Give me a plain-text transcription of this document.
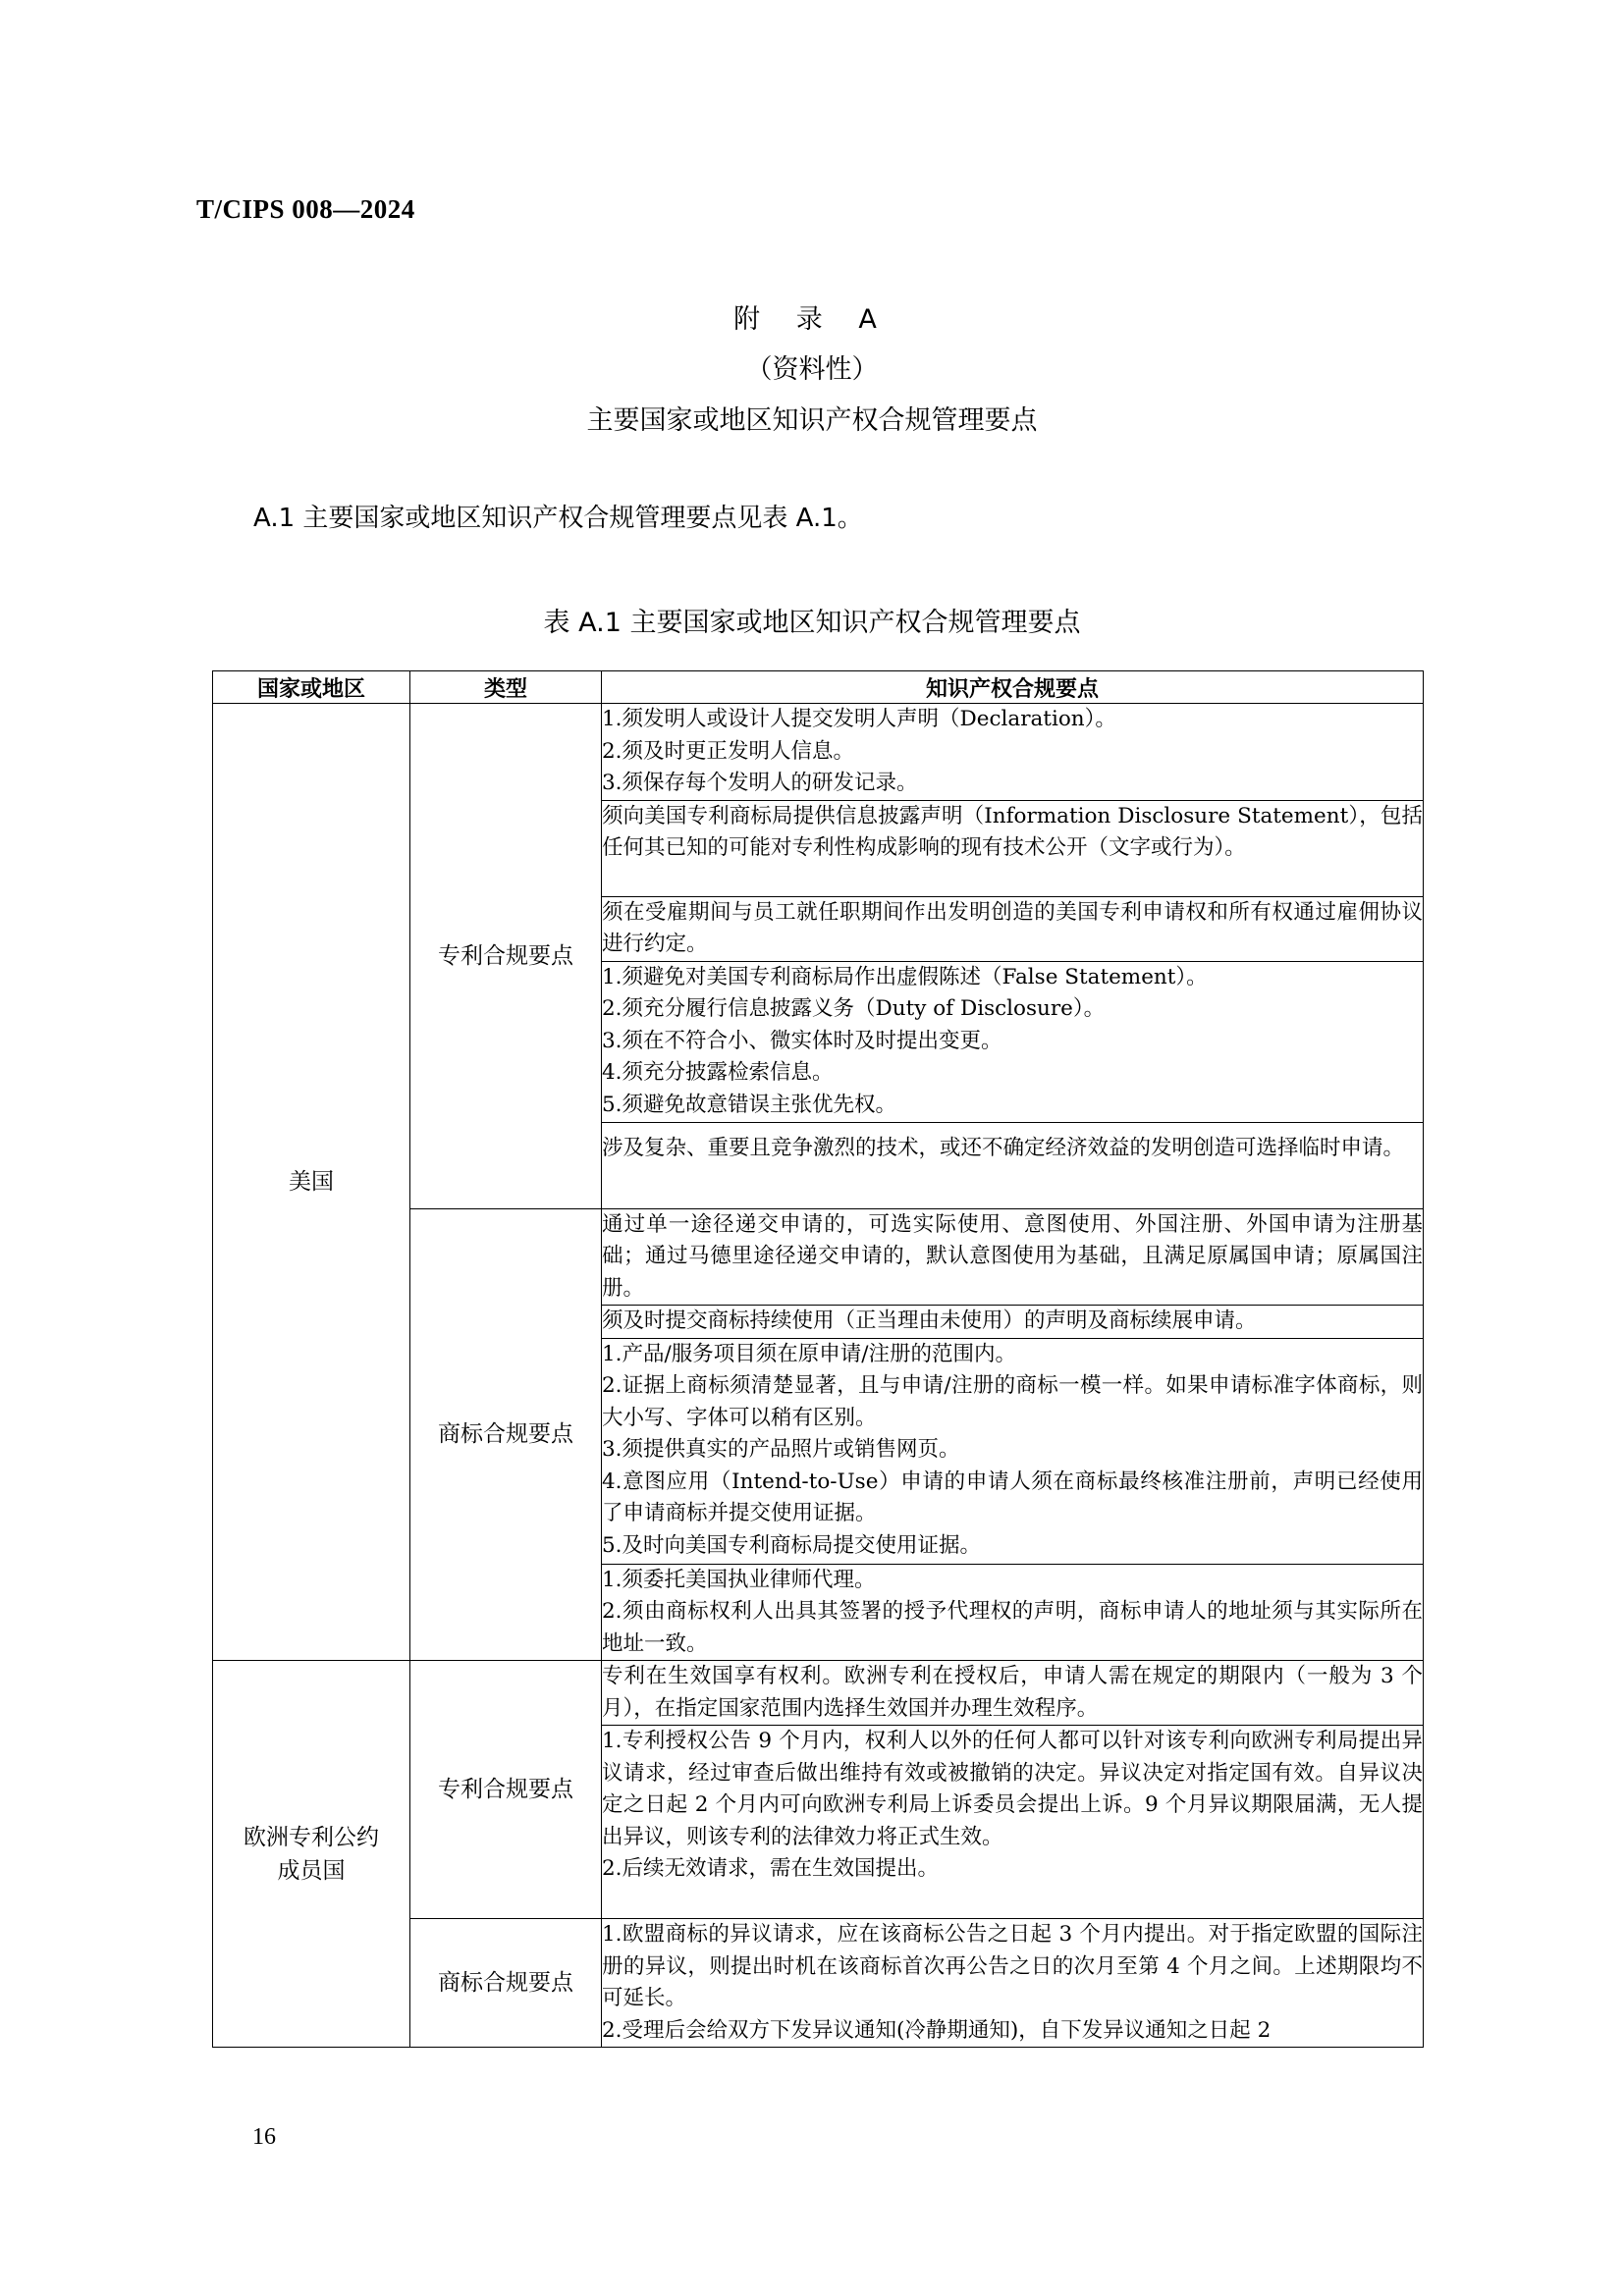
T/CIPS 008—2024
附 录 A
（资料性）
主要国家或地区知识产权合规管理要点
A.1 主要国家或地区知识产权合规管理要点见表 A.1。
表 A.1 主要国家或地区知识产权合规管理要点
国家或地区	类型	知识产权合规要点
美国	专利合规要点	1.须发明人或设计人提交发明人声明（Declaration）。
2.须及时更正发明人信息。
3.须保存每个发明人的研发记录。

		须向美国专利商标局提供信息披露声明（Information Disclosure Statement），包括任何其已知的可能对专利性构成影响的现有技术公开（文字或行为）。

		须在受雇期间与员工就任职期间作出发明创造的美国专利申请权和所有权通过雇佣协议进行约定。

		1.须避免对美国专利商标局作出虚假陈述（False Statement）。
2.须充分履行信息披露义务（Duty of Disclosure）。
3.须在不符合小、微实体时及时提出变更。
4.须充分披露检索信息。
5.须避免故意错误主张优先权。

		涉及复杂、重要且竞争激烈的技术，或还不确定经济效益的发明创造可选择临时申请。

	商标合规要点	通过单一途径递交申请的，可选实际使用、意图使用、外国注册、外国申请为注册基础；通过马德里途径递交申请的，默认意图使用为基础，且满足原属国申请；原属国注册。

		须及时提交商标持续使用（正当理由未使用）的声明及商标续展申请。

		1.产品/服务项目须在原申请/注册的范围内。
2.证据上商标须清楚显著，且与申请/注册的商标一模一样。如果申请标准字体商标，则大小写、字体可以稍有区别。
3.须提供真实的产品照片或销售网页。
4.意图应用（Intend-to-Use）申请的申请人须在商标最终核准注册前，声明已经使用了申请商标并提交使用证据。
5.及时向美国专利商标局提交使用证据。

		1.须委托美国执业律师代理。
2.须由商标权利人出具其签署的授予代理权的声明，商标申请人的地址须与其实际所在地址一致。

欧洲专利公约
成员国	专利合规要点	专利在生效国享有权利。欧洲专利在授权后，申请人需在规定的期限内（一般为 3 个月），在指定国家范围内选择生效国并办理生效程序。

		1.专利授权公告 9 个月内，权利人以外的任何人都可以针对该专利向欧洲专利局提出异议请求，经过审查后做出维持有效或被撤销的决定。异议决定对指定国有效。自异议决定之日起 2 个月内可向欧洲专利局上诉委员会提出上诉。9 个月异议期限届满，无人提出异议，则该专利的法律效力将正式生效。
2.后续无效请求，需在生效国提出。

	商标合规要点	1.欧盟商标的异议请求，应在该商标公告之日起 3 个月内提出。对于指定欧盟的国际注册的异议，则提出时机在该商标首次再公告之日的次月至第 4 个月之间。上述期限均不可延长。
2.受理后会给双方下发异议通知(冷静期通知)，自下发异议通知之日起 2
16
